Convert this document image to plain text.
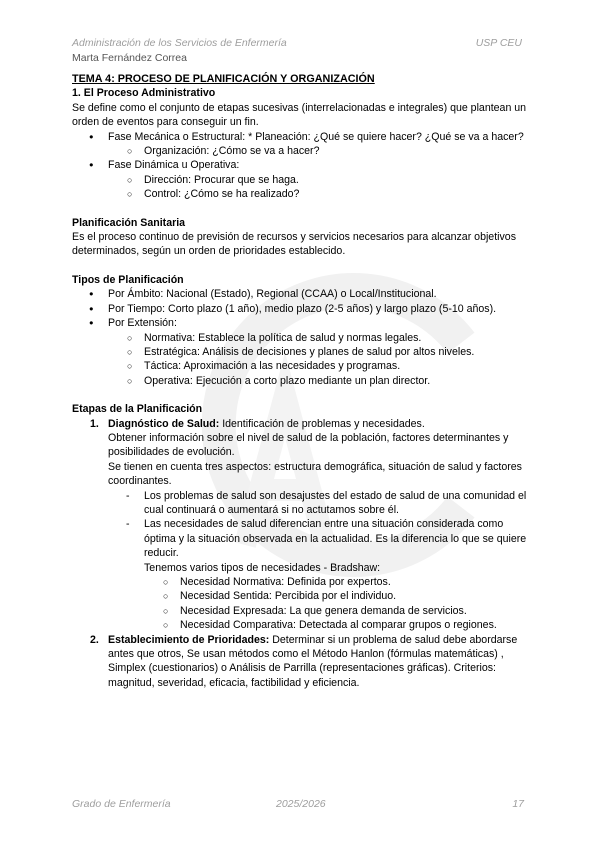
Administración de los Servicios de Enfermería	USP CEU
Marta Fernández Correa

TEMA 4: PROCESO DE PLANIFICACIÓN Y ORGANIZACIÓN

1. El Proceso Administrativo

Se define como el conjunto de etapas sucesivas (interrelacionadas e integrales) que plantean un orden de eventos para conseguir un fin.

● Fase Mecánica o Estructural: * Planeación: ¿Qué se quiere hacer? ¿Qué se va a hacer?
○ Organización: ¿Cómo se va a hacer?
● Fase Dinámica u Operativa:
○ Dirección: Procurar que se haga.
○ Control: ¿Cómo se ha realizado?

Planificación Sanitaria

Es el proceso continuo de previsión de recursos y servicios necesarios para alcanzar objetivos determinados, según un orden de prioridades establecido.

Tipos de Planificación

● Por Ámbito: Nacional (Estado), Regional (CCAA) o Local/Institucional.
● Por Tiempo: Corto plazo (1 año), medio plazo (2-5 años) y largo plazo (5-10 años).
● Por Extensión:
○ Normativa: Establece la política de salud y normas legales.
○ Estratégica: Análisis de decisiones y planes de salud por altos niveles.
○ Táctica: Aproximación a las necesidades y programas.
○ Operativa: Ejecución a corto plazo mediante un plan director.

Etapas de la Planificación

1. Diagnóstico de Salud: Identificación de problemas y necesidades.

Obtener información sobre el nivel de salud de la población, factores determinantes y posibilidades de evolución.

Se tienen en cuenta tres aspectos: estructura demográfica, situación de salud y factores coordinantes.

- Los problemas de salud son desajustes del estado de salud de una comunidad el cual continuará o aumentará si no actutamos sobre él.
- Las necesidades de salud diferencian entre una situación considerada como óptima y la situación observada en la actualidad. Es la diferencia lo que se quiere reducir.

Tenemos varios tipos de necesidades - Bradshaw:

○ Necesidad Normativa: Definida por expertos.
○ Necesidad Sentida: Percibida por el individuo.
○ Necesidad Expresada: La que genera demanda de servicios.
○ Necesidad Comparativa: Detectada al comparar grupos o regiones.
2. Establecimiento de Prioridades: Determinar si un problema de salud debe abordarse antes que otros, Se usan métodos como el Método Hanlon (fórmulas matemáticas) , Simplex (cuestionarios) o Análisis de Parrilla (representaciones gráficas). Criterios: magnitud, severidad, eficacia, factibilidad y eficiencia.
Grado de Enfermería	2025/2026	17
